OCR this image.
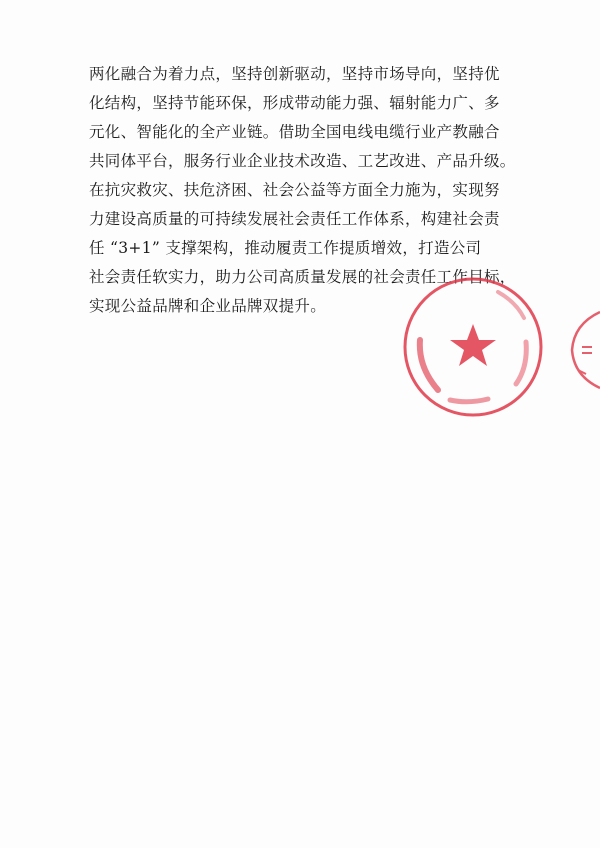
两化融合为着力点，坚持创新驱动，坚持市场导向，坚持优
化结构，坚持节能环保，形成带动能力强、辐射能力广、多
元化、智能化的全产业链。借助全国电线电缆行业产教融合
共同体平台，服务行业企业技术改造、工艺改进、产品升级。
在抗灾救灾、扶危济困、社会公益等方面全力施为，实现努
力建设高质量的可持续发展社会责任工作体系，构建社会责
任 “3+1” 支撑架构，推动履责工作提质增效，打造公司
社会责任软实力，助力公司高质量发展的社会责任工作目标，
实现公益品牌和企业品牌双提升。
